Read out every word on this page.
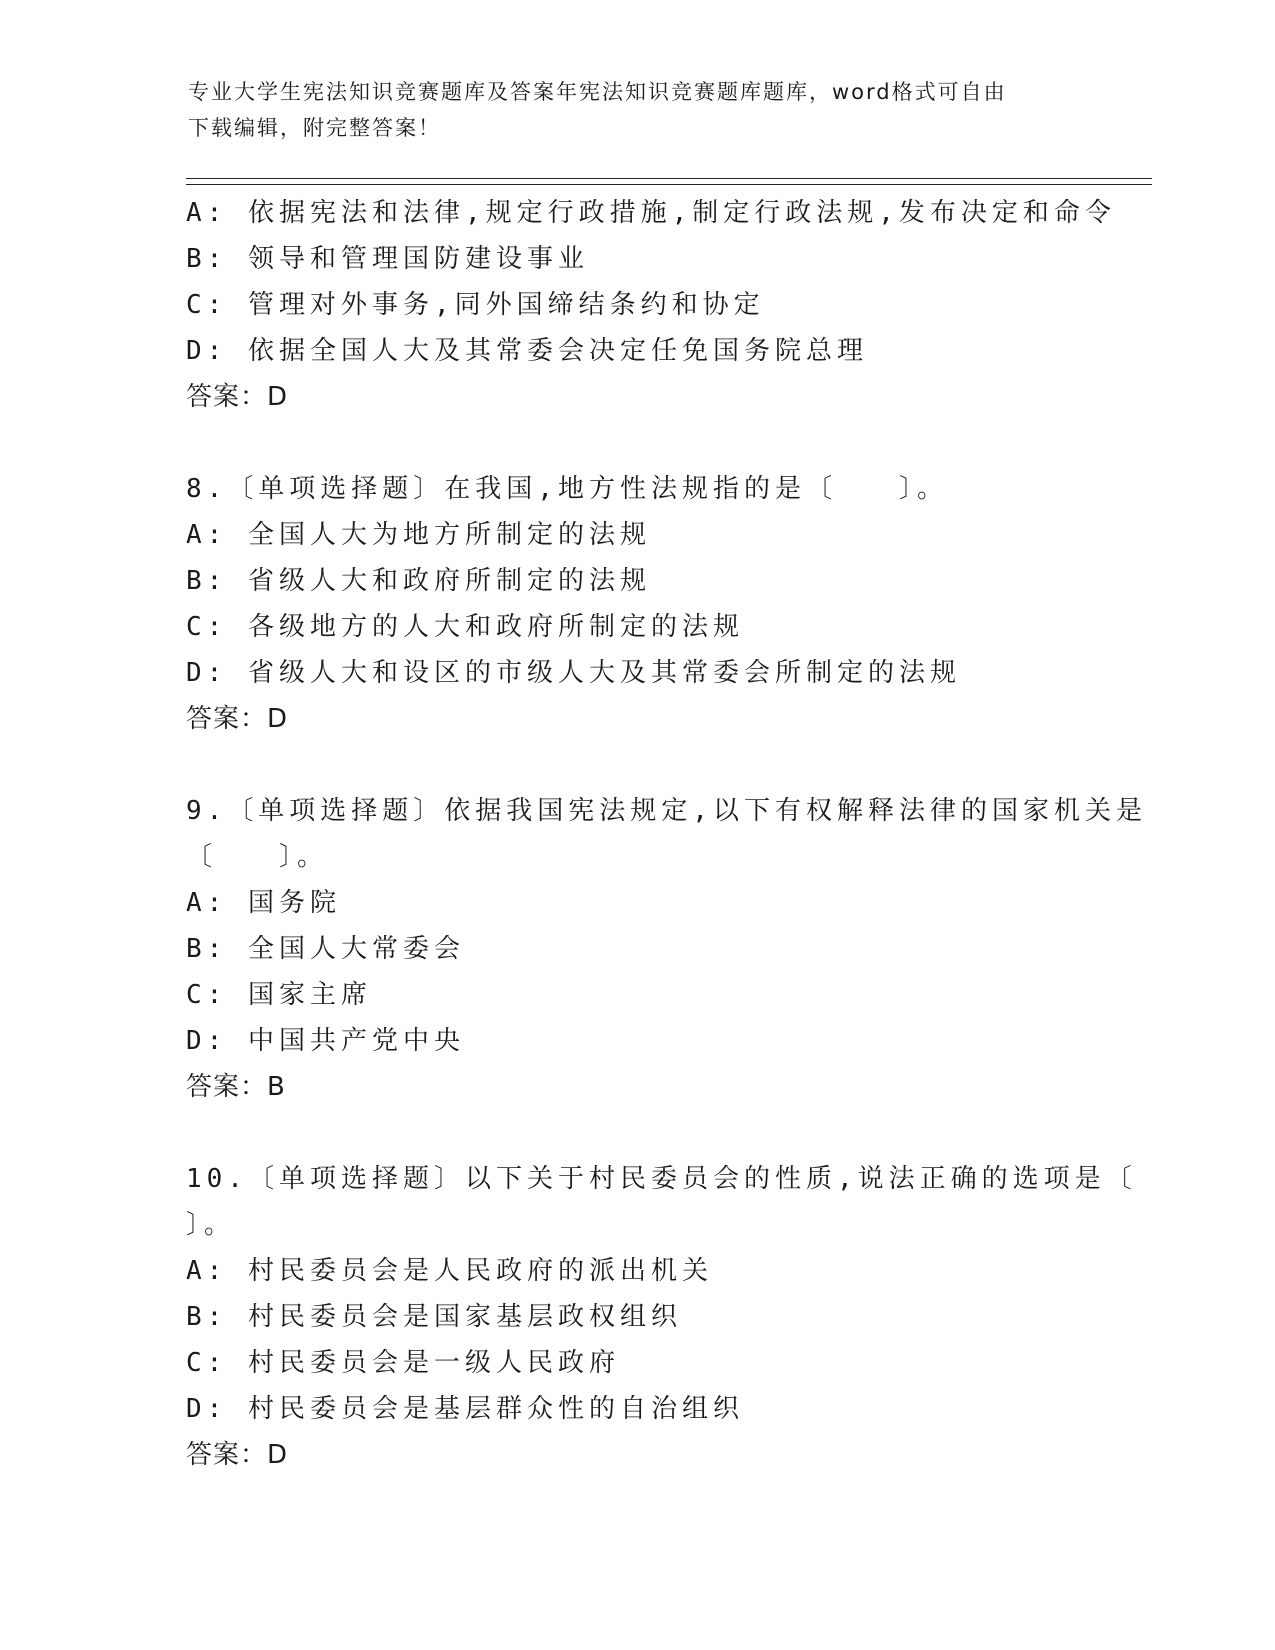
专业大学生宪法知识竞赛题库及答案年宪法知识竞赛题库题库，word格式可自由
下载编辑，附完整答案！
A: 依据宪法和法律,规定行政措施,制定行政法规,发布决定和命令
B: 领导和管理国防建设事业
C: 管理对外事务,同外国缔结条约和协定
D: 依据全国人大及其常委会决定任免国务院总理
答案：D
8.〔单项选择题〕在我国,地方性法规指的是〔　　〕。
A: 全国人大为地方所制定的法规
B: 省级人大和政府所制定的法规
C: 各级地方的人大和政府所制定的法规
D: 省级人大和设区的市级人大及其常委会所制定的法规
答案：D
9.〔单项选择题〕依据我国宪法规定,以下有权解释法律的国家机关是
〔　　〕。
A: 国务院
B: 全国人大常委会
C: 国家主席
D: 中国共产党中央
答案：B
10.〔单项选择题〕以下关于村民委员会的性质,说法正确的选项是〔
〕。
A: 村民委员会是人民政府的派出机关
B: 村民委员会是国家基层政权组织
C: 村民委员会是一级人民政府
D: 村民委员会是基层群众性的自治组织
答案：D
